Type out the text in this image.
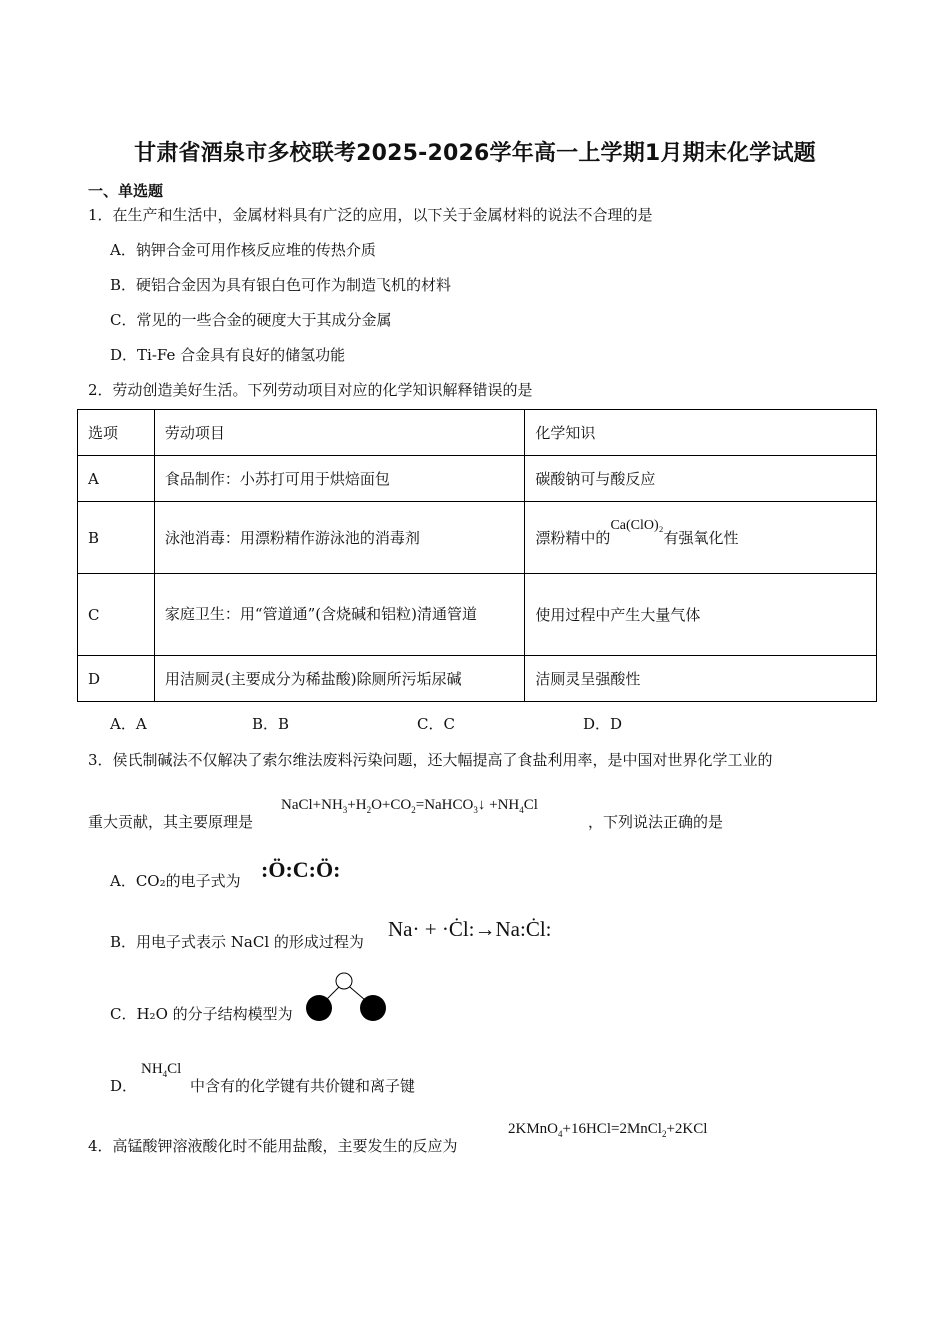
甘肃省酒泉市多校联考2025-2026学年高一上学期1月期末化学试题
一、单选题
1．在生产和生活中，金属材料具有广泛的应用，以下关于金属材料的说法不合理的是
A．钠钾合金可用作核反应堆的传热介质
B．硬铝合金因为具有银白色可作为制造飞机的材料
C．常见的一些合金的硬度大于其成分金属
D．Ti-Fe 合金具有良好的储氢功能
2．劳动创造美好生活。下列劳动项目对应的化学知识解释错误的是
选项	劳动项目	化学知识
A	食品制作：小苏打可用于烘焙面包	碳酸钠可与酸反应
B	泳池消毒：用漂粉精作游泳池的消毒剂	漂粉精中的Ca(ClO)₂有强氧化性
C	家庭卫生：用“管道通”(含烧碱和铝粒)清通管道	使用过程中产生大量气体
D	用洁厕灵(主要成分为稀盐酸)除厕所污垢尿碱	洁厕灵呈强酸性
A．A	B．B	C．C	D．D
3．侯氏制碱法不仅解决了索尔维法废料污染问题，还大幅提高了食盐利用率，是中国对世界化学工业的
重大贡献，其主要原理是
$NaCl+NH_3+H_2O+CO_2=NaHCO_3↓ +NH_4Cl$
，下列说法正确的是
A．CO₂的电子式为 :Ö:C:Ö:
B．用电子式表示 NaCl 的形成过程为
Na· + ·Ċl:→Na:Ċl:
C．H₂O 的分子结构模型为
D．
$NH_4Cl$
中含有的化学键有共价键和离子键
4．高锰酸钾溶液酸化时不能用盐酸，主要发生的反应为
2KMnO$_4$+16HCl=2MnCl$_2$+2KCl
